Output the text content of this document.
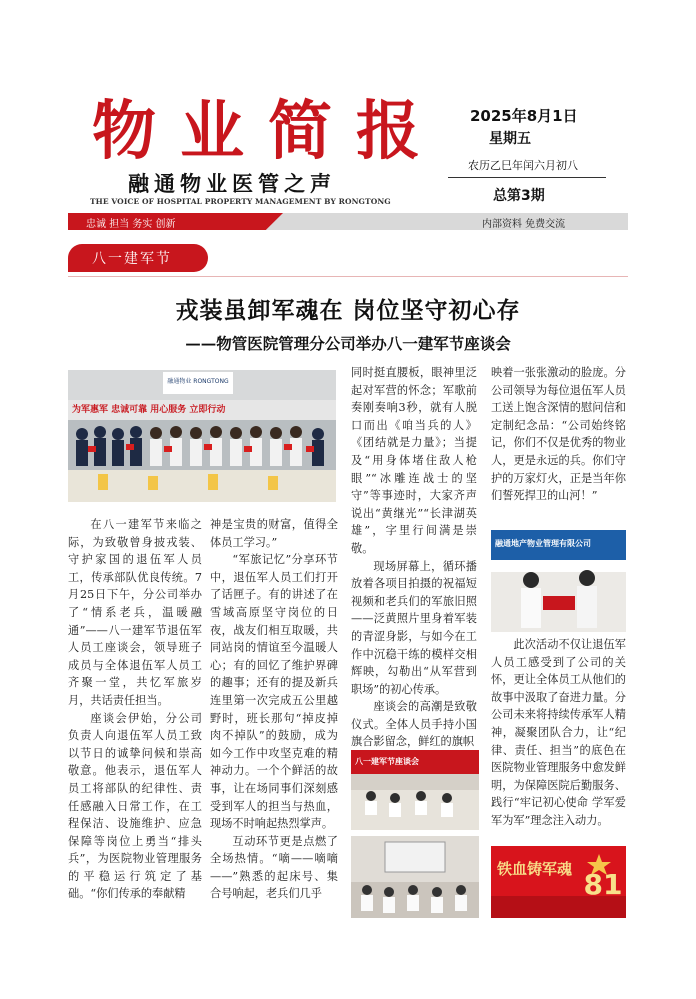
物业简报
融通物业医管之声
THE VOICE OF HOSPITAL PROPERTY MANAGEMENT BY RONGTONG
2025年8月1日
星期五
农历乙巳年闰六月初八
总第3期
忠诚 担当 务实 创新	内部资料 免费交流
八一建军节
戎装虽卸军魂在 岗位坚守初心存
——物管医院管理分公司举办八一建军节座谈会
为军惠军 忠诚可靠 用心服务 立即行动
融通物业 RONGTONG

在八一建军节来临之际，为致敬曾身披戎装、守护家国的退伍军人员工，传承部队优良传统。7月25日下午，分公司举办了“情系老兵，温暖融通”——八一建军节退伍军人员工座谈会，领导班子成员与全体退伍军人员工齐聚一堂，共忆军旅岁月，共话责任担当。

座谈会伊始，分公司负责人向退伍军人员工致以节日的诚挚问候和崇高敬意。他表示，退伍军人员工将部队的纪律性、责任感融入日常工作，在工程保洁、设施维护、应急保障等岗位上勇当“排头兵”，为医院物业管理服务的平稳运行筑定了基础。“你们传承的奉献精

神是宝贵的财富，值得全体员工学习。”

“军旅记忆”分享环节中，退伍军人员工们打开了话匣子。有的讲述了在雪域高原坚守岗位的日夜，战友们相互取暖，共同站岗的情谊至今温暖人心；有的回忆了维护界碑的趣事；还有的提及新兵连里第一次完成五公里越野时，班长那句“掉皮掉肉不掉队”的鼓励，成为如今工作中攻坚克难的精神动力。一个个鲜活的故事，让在场同事们深刻感受到军人的担当与热血，现场不时响起热烈掌声。

互动环节更是点燃了全场热情。“嘀——嘀嘀——”熟悉的起床号、集合号响起，老兵们几乎

同时挺直腰板，眼神里泛起对军营的怀念；军歌前奏刚奏响3秒，就有人脱口而出《咱当兵的人》《团结就是力量》；当提及“用身体堵住敌人枪眼”“冰雕连战士的坚守”等事迹时，大家齐声说出“黄继光”“长津湖英雄”，字里行间满是崇敬。

现场屏幕上，循环播放着各项目拍摄的祝福短视频和老兵们的军旅旧照——泛黄照片里身着军装的青涩身影，与如今在工作中沉稳干练的模样交相辉映，勾勒出“从军营到职场”的初心传承。

座谈会的高潮是致敬仪式。全体人员手持小国旗合影留念，鲜红的旗帜

八一建军节座谈会

映着一张张激动的脸庞。分公司领导为每位退伍军人员工送上饱含深情的慰问信和定制纪念品：“公司始终铭记，你们不仅是优秀的物业人，更是永远的兵。你们守护的万家灯火，正是当年你们誓死捍卫的山河！”

融通地产物业管理有限公司

此次活动不仅让退伍军人员工感受到了公司的关怀，更让全体员工从他们的故事中汲取了奋进力量。分公司未来将持续传承军人精神，凝聚团队合力，让“纪律、责任、担当”的底色在医院物业管理服务中愈发鲜明，为保障医院后勤服务、践行“牢记初心使命 学军爱军为军”理念注入动力。

铁血铸军魂 81
